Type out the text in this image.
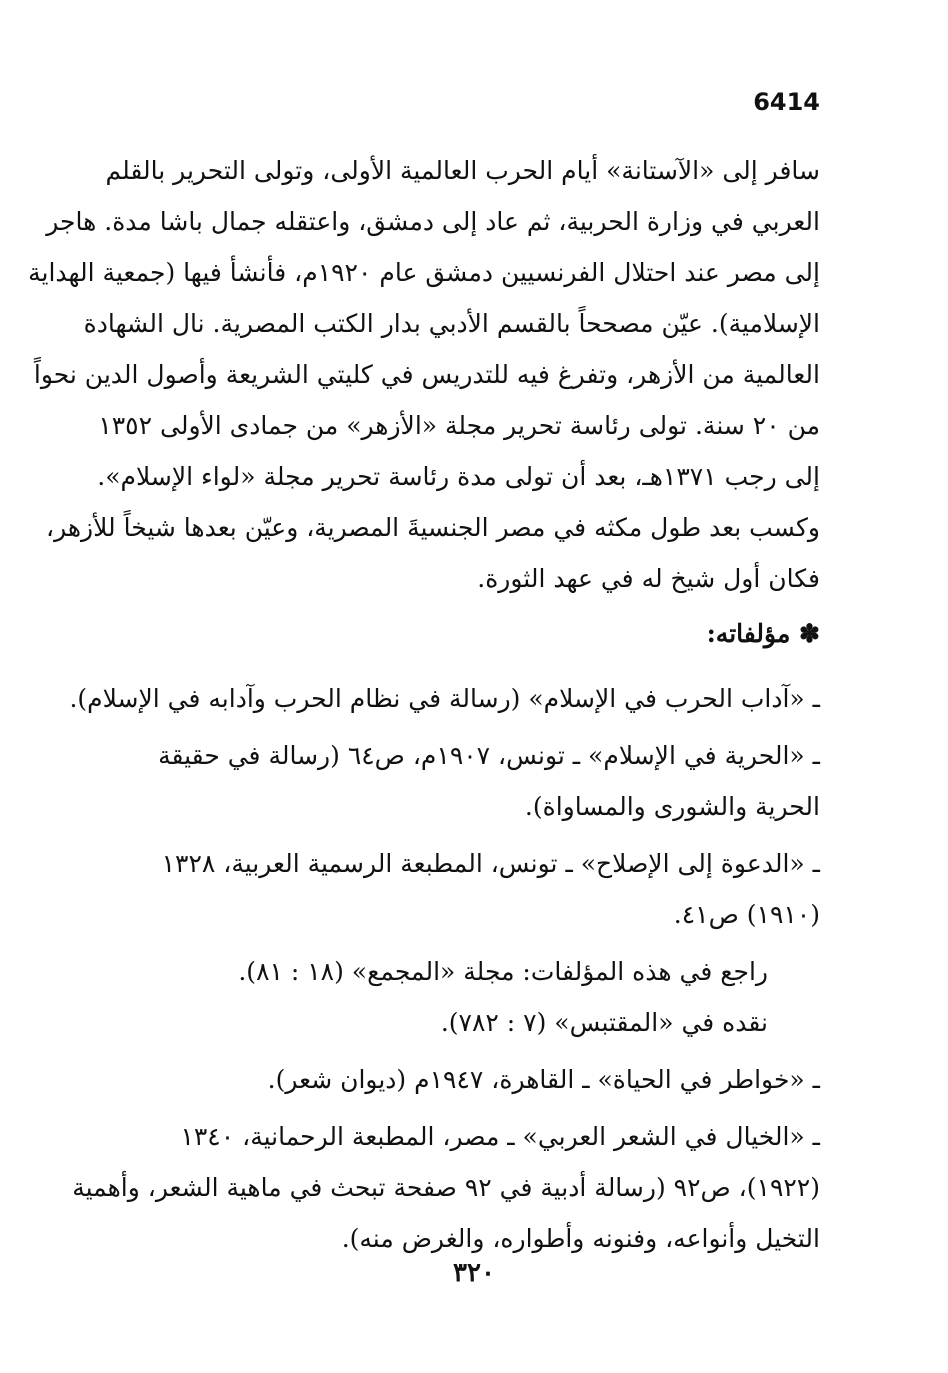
6414
سافر إلى «الآستانة» أيام الحرب العالمية الأولى، وتولى التحرير بالقلم
العربي في وزارة الحربية، ثم عاد إلى دمشق، واعتقله جمال باشا مدة. هاجر
إلى مصر عند احتلال الفرنسيين دمشق عام ١٩٢٠م، فأنشأ فيها (جمعية الهداية
الإسلامية). عيّن مصححاً بالقسم الأدبي بدار الكتب المصرية. نال الشهادة
العالمية من الأزهر، وتفرغ فيه للتدريس في كليتي الشريعة وأصول الدين نحواً
من ٢٠ سنة. تولى رئاسة تحرير مجلة «الأزهر» من جمادى الأولى ١٣٥٢
إلى رجب ١٣٧١هـ، بعد أن تولى مدة رئاسة تحرير مجلة «لواء الإسلام».
وكسب بعد طول مكثه في مصر الجنسيةَ المصرية، وعيّن بعدها شيخاً للأزهر،
فكان أول شيخ له في عهد الثورة.
✽ مؤلفاته:
ـ «آداب الحرب في الإسلام» (رسالة في نظام الحرب وآدابه في الإسلام).
ـ «الحرية في الإسلام» ـ تونس، ١٩٠٧م، ص٦٤ (رسالة في حقيقة
الحرية والشورى والمساواة).
ـ «الدعوة إلى الإصلاح» ـ تونس، المطبعة الرسمية العربية، ١٣٢٨
(١٩١٠) ص٤١.
راجع في هذه المؤلفات: مجلة «المجمع» (١٨ : ٨١).
نقده في «المقتبس» (٧ : ٧٨٢).
ـ «خواطر في الحياة» ـ القاهرة، ١٩٤٧م (ديوان شعر).
ـ «الخيال في الشعر العربي» ـ مصر، المطبعة الرحمانية، ١٣٤٠
(١٩٢٢)، ص٩٢ (رسالة أدبية في ٩٢ صفحة تبحث في ماهية الشعر، وأهمية
التخيل وأنواعه، وفنونه وأطواره، والغرض منه).
٣٢٠
